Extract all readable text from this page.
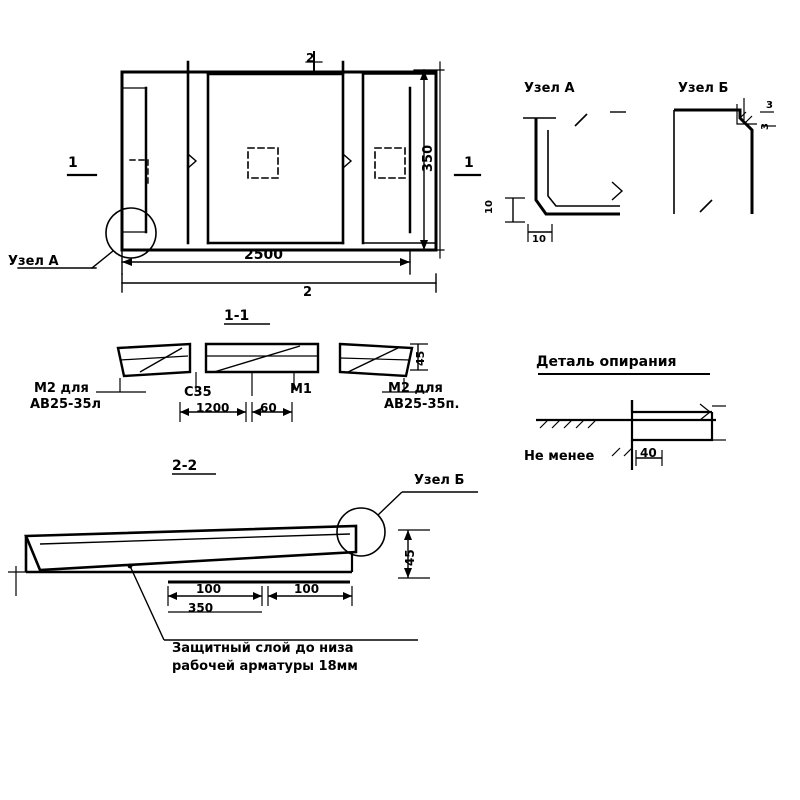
1	1
2
2
2500
350
Узел А
Узел А
10
10
Узел Б
3
3
1-1
М2 для
АВ25-35л
С35	М1	М2 для
АВ25-35п.
45
1200	60
Деталь опирания
Не менее	40
2-2
Узел Б
45
100	100
350
Защитный слой до низа
рабочей арматуры 18мм
